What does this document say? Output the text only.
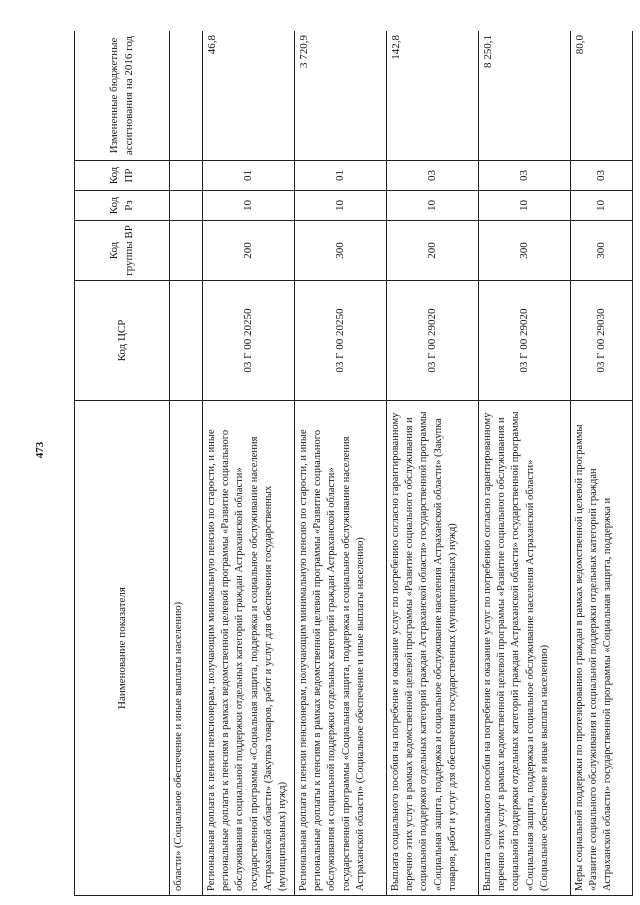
473
Наименование показателя	Код ЦСР	Код группы ВР	Код Рз	Код ПР	Измененные бюджетные ассигнования на 2016 год
области» (Социальное обеспечение и иные выплаты населению)					
Региональная доплата к пенсии пенсионерам, получающим минимальную пенсию по старости, и иные региональные доплаты к пенсиям в рамках ведомственной целевой программы «Развитие социального обслуживания и социальной поддержки отдельных категорий граждан Астраханской области» государственной программы «Социальная защита, поддержка и социальное обслуживание населения Астраханской области» (Закупка товаров, работ и услуг для обеспечения государственных (муниципальных) нужд)	03 Г 00 20250	200	10	01	46,8
Региональная доплата к пенсии пенсионерам, получающим минимальную пенсию по старости, и иные региональные доплаты к пенсиям в рамках ведомственной целевой программы «Развитие социального обслуживания и социальной поддержки отдельных категорий граждан Астраханской области» государственной программы «Социальная защита, поддержка и социальное обслуживание населения Астраханской области» (Социальное обеспечение и иные выплаты населению)	03 Г 00 20250	300	10	01	3 720,9
Выплата социального пособия на погребение и оказание услуг по погребению согласно гарантированному перечню этих услуг в рамках ведомственной целевой программы «Развитие социального обслуживания и социальной поддержки отдельных категорий граждан Астраханской области» государственной программы «Социальная защита, поддержка и социальное обслуживание населения Астраханской области» (Закупка товаров, работ и услуг для обеспечения государственных (муниципальных) нужд)	03 Г 00 29020	200	10	03	142,8
Выплата социального пособия на погребение и оказание услуг по погребению согласно гарантированному перечню этих услуг в рамках ведомственной целевой программы «Развитие социального обслуживания и социальной поддержки отдельных категорий граждан Астраханской области» государственной программы «Социальная защита, поддержка и социальное обслуживание населения Астраханской области» (Социальное обеспечение и иные выплаты населению)	03 Г 00 29020	300	10	03	8 250,1
Меры социальной поддержки по протезированию граждан в рамках ведомственной целевой программы «Развитие социального обслуживания и социальной поддержки отдельных категорий граждан Астраханской области» государственной программы «Социальная защита, поддержка и	03 Г 00 29030	300	10	03	80,0
